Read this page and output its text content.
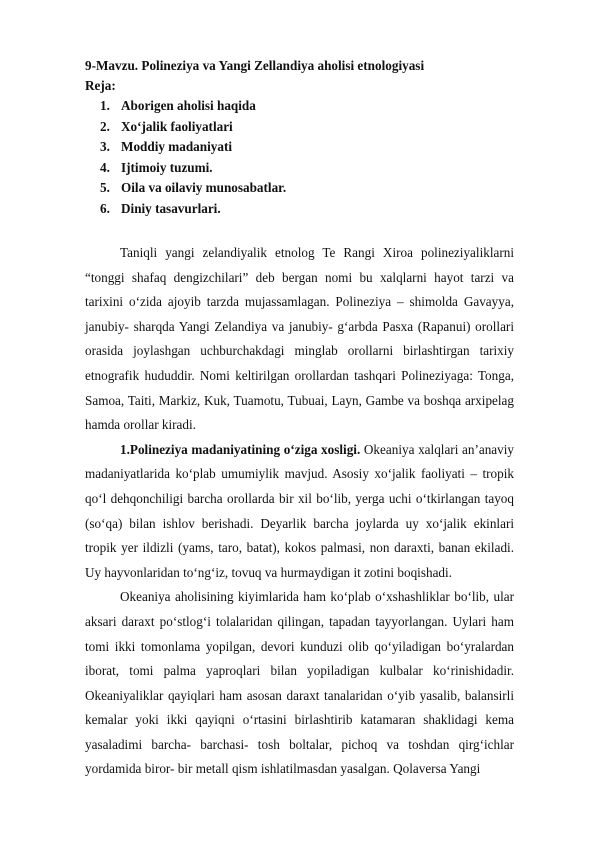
9-Mavzu. Polineziya va Yangi Zellandiya aholisi etnologiyasi

Reja:

1. Aborigen aholisi haqida
2. Xo‘jalik faoliyatlari
3. Moddiy madaniyati
4. Ijtimoiy tuzumi.
5. Oila va oilaviy munosabatlar.
6. Diniy tasavurlari.

Taniqli yangi zelandiyalik etnolog Te Rangi Xiroa polineziyaliklarni “tonggi shafaq dengizchilari” deb bergan nomi bu xalqlarni hayot tarzi va tarixini o‘zida ajoyib tarzda mujassamlagan. Polineziya – shimolda Gavayya, janubiy- sharqda Yangi Zelandiya va janubiy- g‘arbda Pasxa (Rapanui) orollari orasida joylashgan uchburchakdagi minglab orollarni birlashtirgan tarixiy etnografik hududdir. Nomi keltirilgan orollardan tashqari Polineziyaga: Tonga, Samoa, Taiti, Markiz, Kuk, Tuamotu, Tubuai, Layn, Gambe va boshqa arxipelag hamda orollar kiradi.

1.Polineziya madaniyatining o‘ziga xosligi. Okeaniya xalqlari an’anaviy madaniyatlarida ko‘plab umumiylik mavjud. Asosiy xo‘jalik faoliyati – tropik qo‘l dehqonchiligi barcha orollarda bir xil bo‘lib, yerga uchi o‘tkirlangan tayoq (so‘qa) bilan ishlov berishadi. Deyarlik barcha joylarda uy xo‘jalik ekinlari tropik yer ildizli (yams, taro, batat), kokos palmasi, non daraxti, banan ekiladi. Uy hayvonlaridan to‘ng‘iz, tovuq va hurmaydigan it zotini boqishadi.

Okeaniya aholisining kiyimlarida ham ko‘plab o‘xshashliklar bo‘lib, ular aksari daraxt po‘stlog‘i tolalaridan qilingan, tapadan tayyorlangan. Uylari ham tomi ikki tomonlama yopilgan, devori kunduzi olib qo‘yiladigan bo‘yralardan iborat, tomi palma yaproqlari bilan yopiladigan kulbalar ko‘rinishidadir. Okeaniyaliklar qayiqlari ham asosan daraxt tanalaridan o‘yib yasalib, balansirli kemalar yoki ikki qayiqni o‘rtasini birlashtirib katamaran shaklidagi kema yasaladimi barcha- barchasi- tosh boltalar, pichoq va toshdan qirg‘ichlar yordamida biror- bir metall qism ishlatilmasdan yasalgan. Qolaversa Yangi
